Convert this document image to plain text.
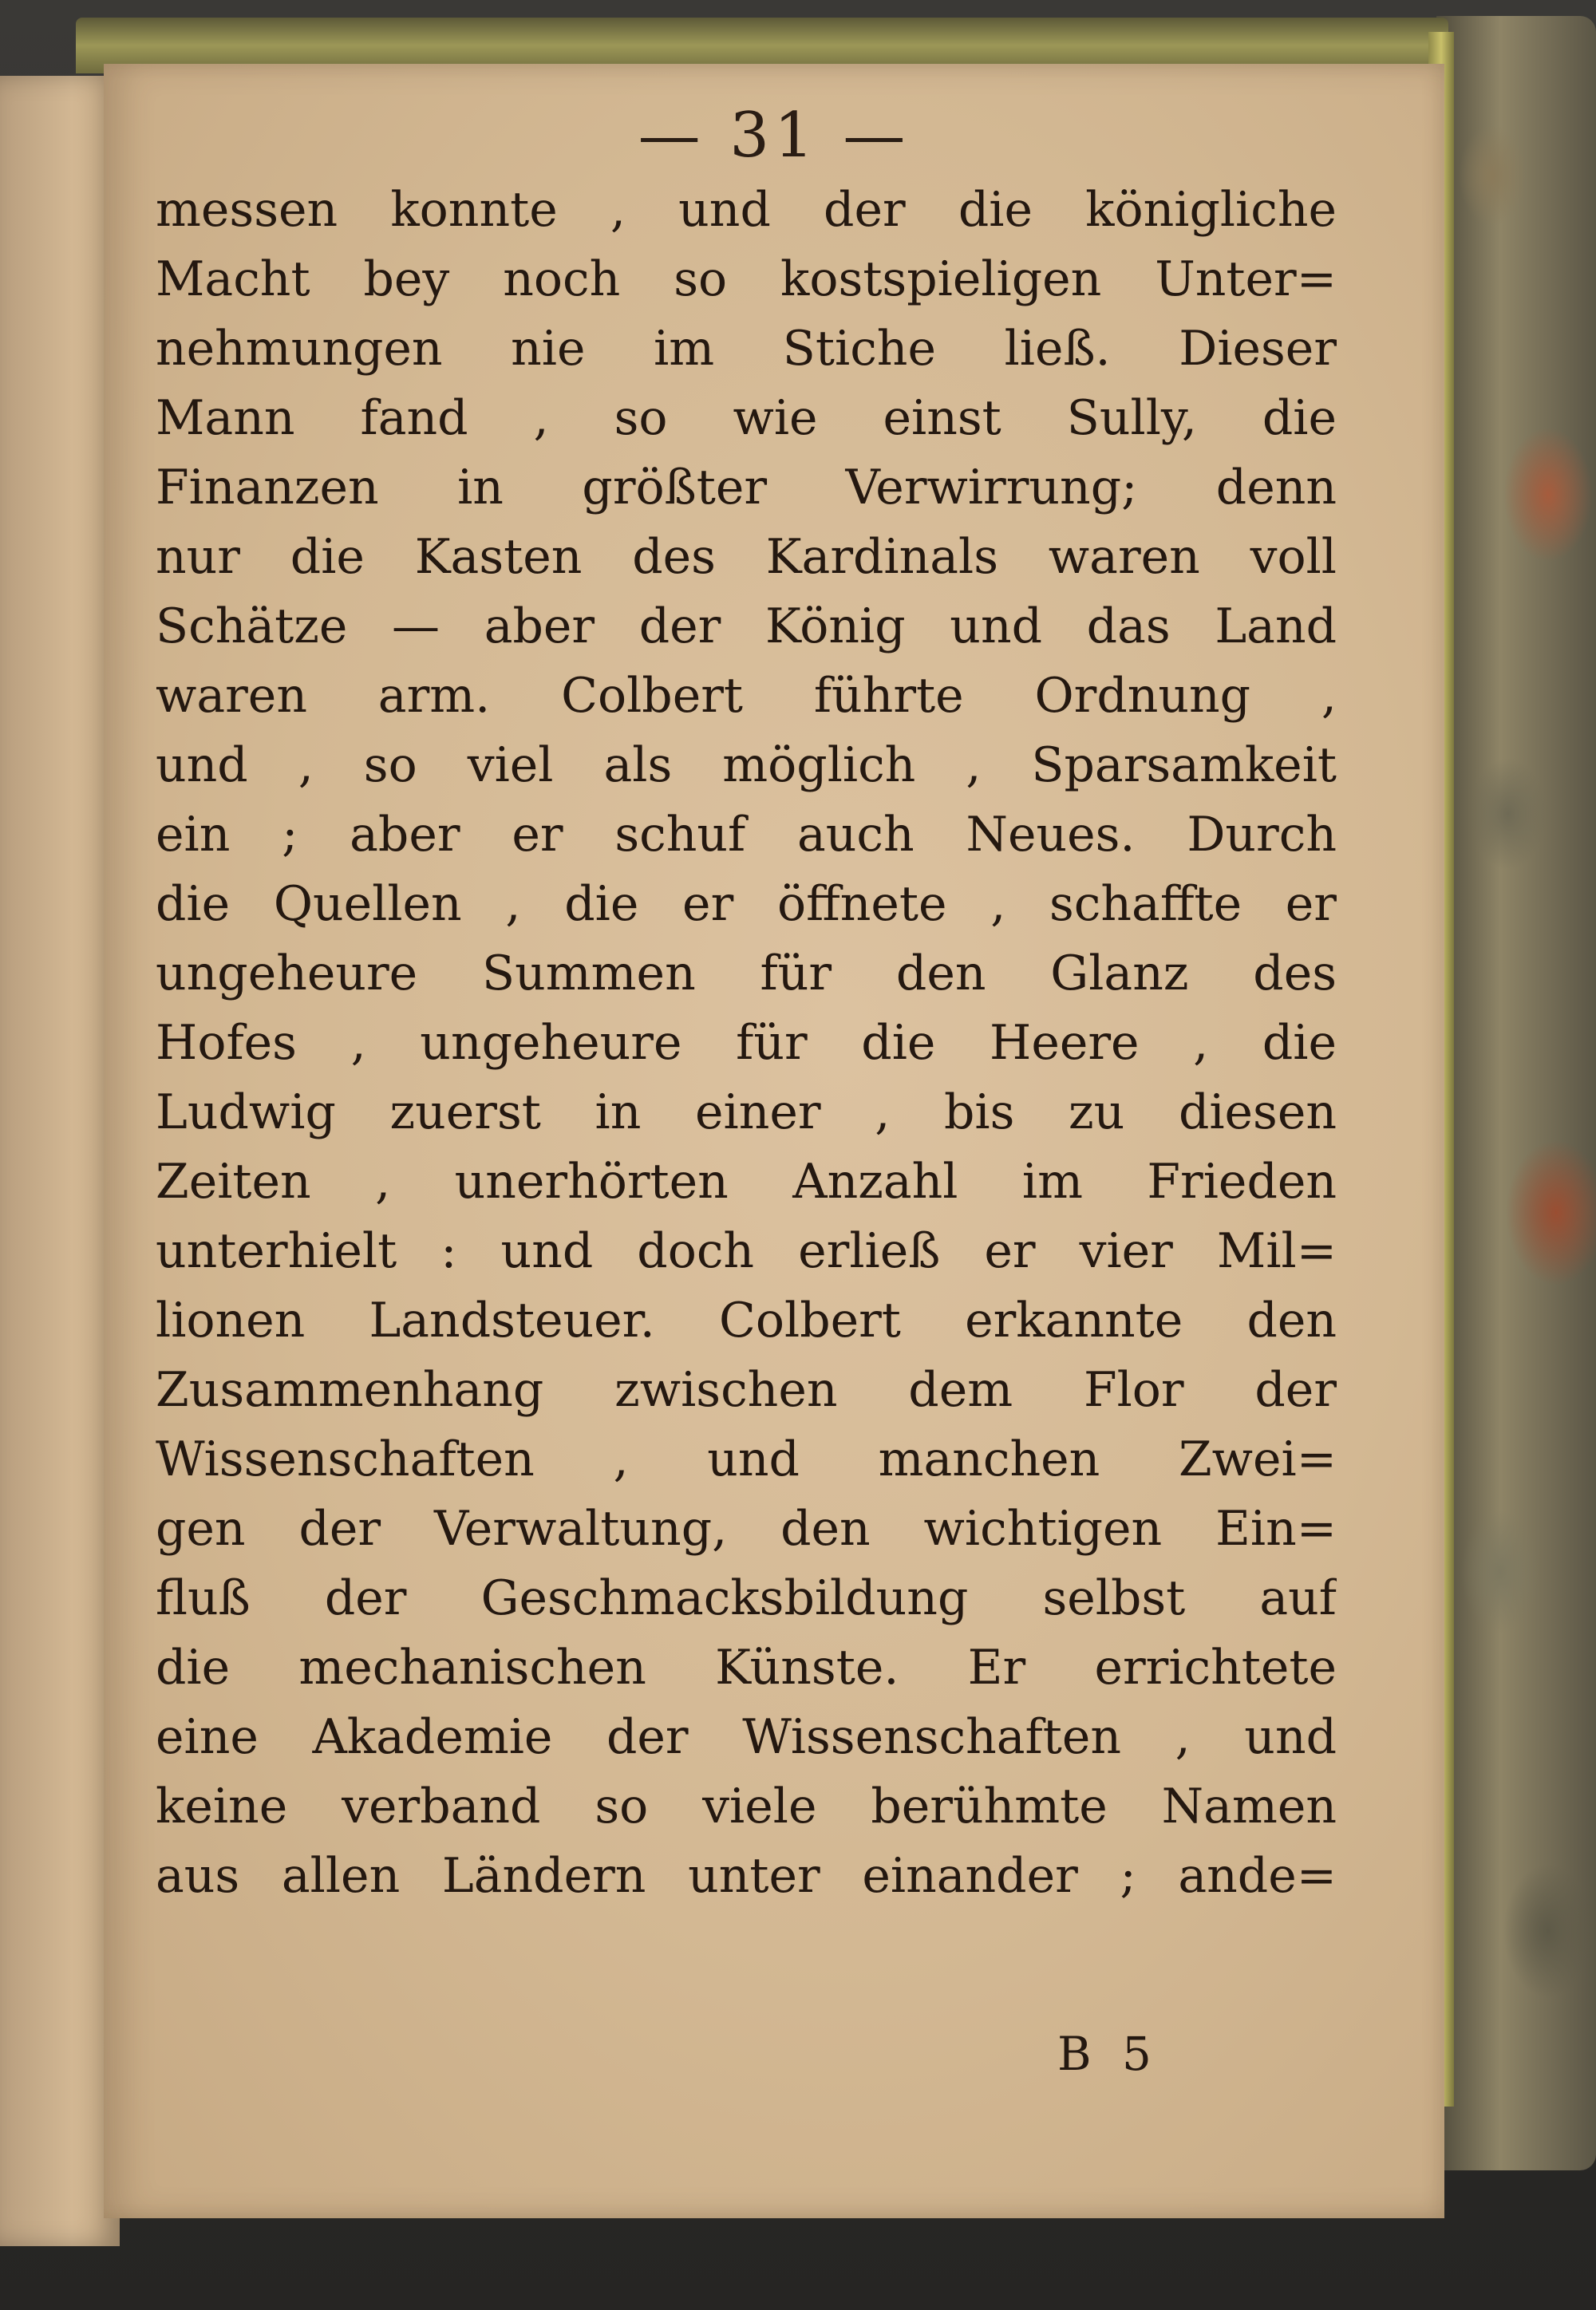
— 31 —
messen konnte , und der die königliche
Macht bey noch so kostspieligen Unter=
nehmungen nie im Stiche ließ. Dieser
Mann fand , so wie einst Sully, die
Finanzen in größter Verwirrung; denn
nur die Kasten des Kardinals waren voll
Schätze — aber der König und das Land
waren arm. Colbert führte Ordnung ,
und , so viel als möglich , Sparsamkeit
ein ; aber er schuf auch Neues. Durch
die Quellen , die er öffnete , schaffte er
ungeheure Summen für den Glanz des
Hofes , ungeheure für die Heere , die
Ludwig zuerst in einer , bis zu diesen
Zeiten , unerhörten Anzahl im Frieden
unterhielt : und doch erließ er vier Mil=
lionen Landsteuer. Colbert erkannte den
Zusammenhang zwischen dem Flor der
Wissenschaften , und manchen Zwei=
gen der Verwaltung, den wichtigen Ein=
fluß der Geschmacksbildung selbst auf
die mechanischen Künste. Er errichtete
eine Akademie der Wissenschaften , und
keine verband so viele berühmte Namen
aus allen Ländern unter einander ; ande=
B 5
